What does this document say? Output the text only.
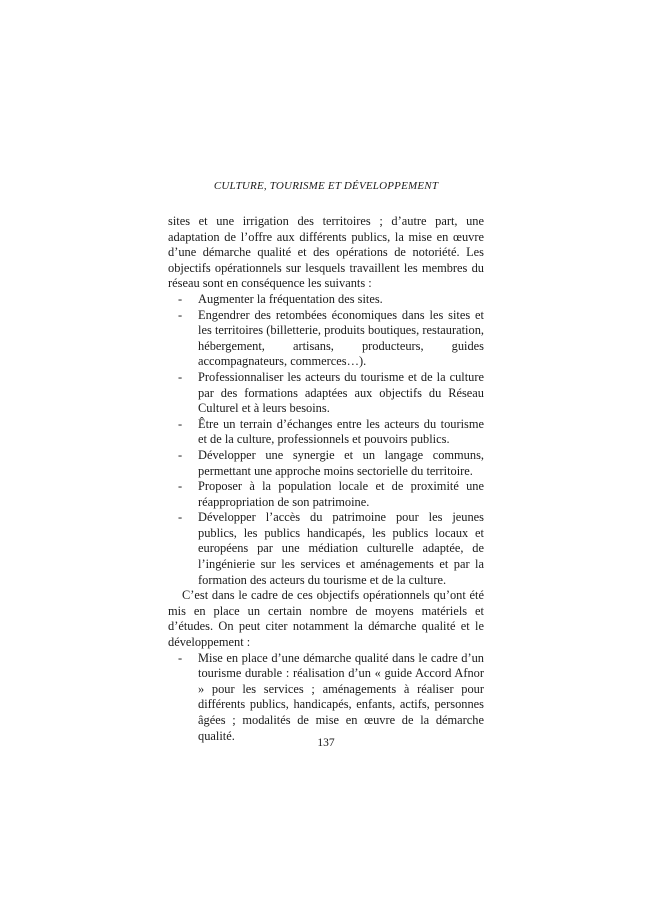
CULTURE, TOURISME ET DÉVELOPPEMENT

sites et une irrigation des territoires ; d’autre part, une adaptation de l’offre aux différents publics, la mise en œuvre d’une démarche qualité et des opérations de notoriété. Les objectifs opérationnels sur lesquels travaillent les membres du réseau sont en conséquence les suivants :

- Augmenter la fréquentation des sites.
- Engendrer des retombées économiques dans les sites et les territoires (billetterie, produits boutiques, restauration, hébergement, artisans, producteurs, guides accompagnateurs, commerces…).
- Professionnaliser les acteurs du tourisme et de la culture par des formations adaptées aux objectifs du Réseau Culturel et à leurs besoins.
- Être un terrain d’échanges entre les acteurs du tourisme et de la culture, professionnels et pouvoirs publics.
- Développer une synergie et un langage communs, permettant une approche moins sectorielle du territoire.
- Proposer à la population locale et de proximité une réappropriation de son patrimoine.
- Développer l’accès du patrimoine pour les jeunes publics, les publics handicapés, les publics locaux et européens par une médiation culturelle adaptée, de l’ingénierie sur les services et aménagements et par la formation des acteurs du tourisme et de la culture.

C’est dans le cadre de ces objectifs opérationnels qu’ont été mis en place un certain nombre de moyens matériels et d’études. On peut citer notamment la démarche qualité et le développement :

- Mise en place d’une démarche qualité dans le cadre d’un tourisme durable : réalisation d’un « guide Accord Afnor » pour les services ; aménagements à réaliser pour différents publics, handicapés, enfants, actifs, personnes âgées ; modalités de mise en œuvre de la démarche qualité.
137
